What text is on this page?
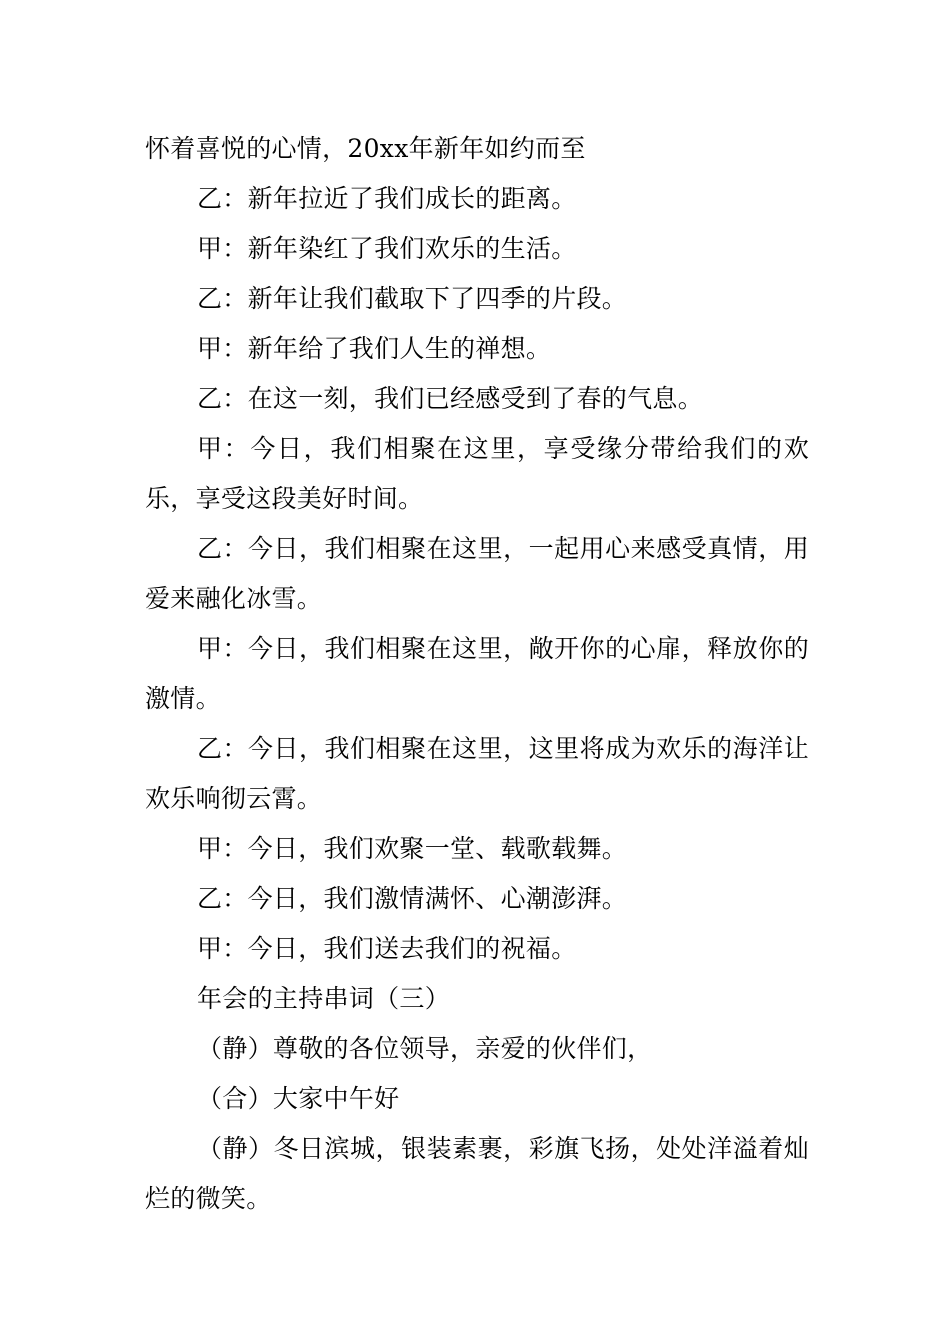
怀着喜悦的心情，20xx年新年如约而至

乙：新年拉近了我们成长的距离。

甲：新年染红了我们欢乐的生活。

乙：新年让我们截取下了四季的片段。

甲：新年给了我们人生的禅想。

乙：在这一刻，我们已经感受到了春的气息。

甲：今日，我们相聚在这里，享受缘分带给我们的欢乐，享受这段美好时间。

乙：今日，我们相聚在这里，一起用心来感受真情，用爱来融化冰雪。

甲：今日，我们相聚在这里，敞开你的心扉，释放你的激情。

乙：今日，我们相聚在这里，这里将成为欢乐的海洋让欢乐响彻云霄。

甲：今日，我们欢聚一堂、载歌载舞。

乙：今日，我们激情满怀、心潮澎湃。

甲：今日，我们送去我们的祝福。

年会的主持串词（三）

（静）尊敬的各位领导，亲爱的伙伴们，

（合）大家中午好

（静）冬日滨城，银装素裹，彩旗飞扬，处处洋溢着灿烂的微笑。
